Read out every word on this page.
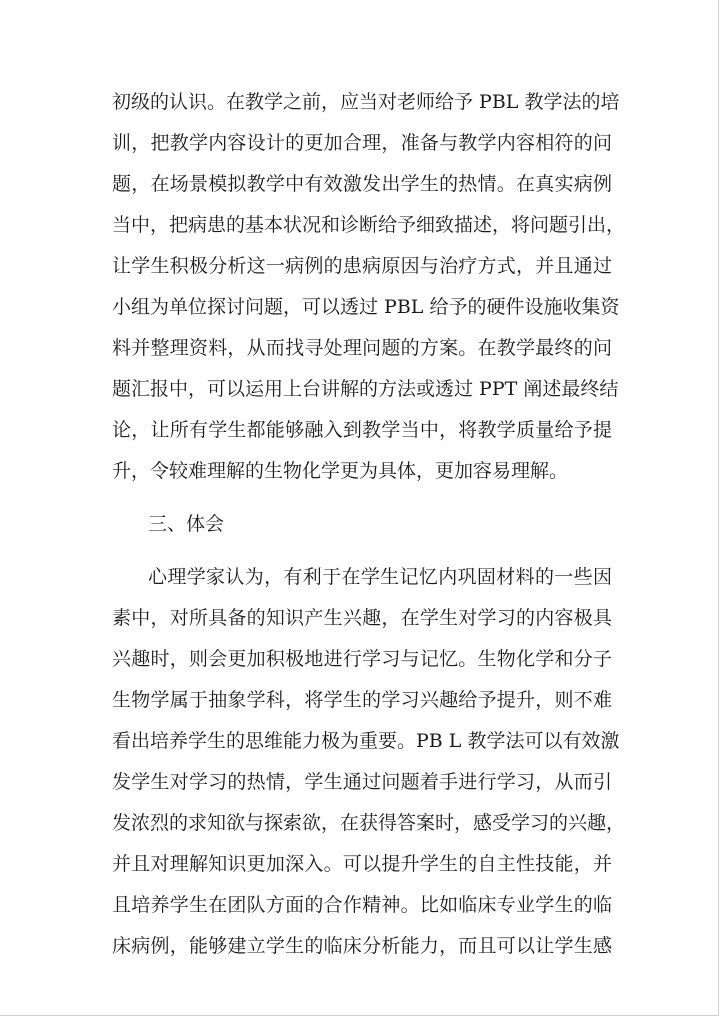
初级的认识。在教学之前，应当对老师给予 PBL 教学法的培
训，把教学内容设计的更加合理，准备与教学内容相符的问
题，在场景模拟教学中有效激发出学生的热情。在真实病例
当中，把病患的基本状况和诊断给予细致描述，将问题引出，
让学生积极分析这一病例的患病原因与治疗方式，并且通过
小组为单位探讨问题，可以透过 PBL 给予的硬件设施收集资
料并整理资料，从而找寻处理问题的方案。在教学最终的问
题汇报中，可以运用上台讲解的方法或透过 PPT 阐述最终结
论，让所有学生都能够融入到教学当中，将教学质量给予提
升，令较难理解的生物化学更为具体，更加容易理解。
三、体会
心理学家认为，有利于在学生记忆内巩固材料的一些因
素中，对所具备的知识产生兴趣，在学生对学习的内容极具
兴趣时，则会更加积极地进行学习与记忆。生物化学和分子
生物学属于抽象学科，将学生的学习兴趣给予提升，则不难
看出培养学生的思维能力极为重要。PB L 教学法可以有效激
发学生对学习的热情，学生通过问题着手进行学习，从而引
发浓烈的求知欲与探索欲，在获得答案时，感受学习的兴趣，
并且对理解知识更加深入。可以提升学生的自主性技能，并
且培养学生在团队方面的合作精神。比如临床专业学生的临
床病例，能够建立学生的临床分析能力，而且可以让学生感
